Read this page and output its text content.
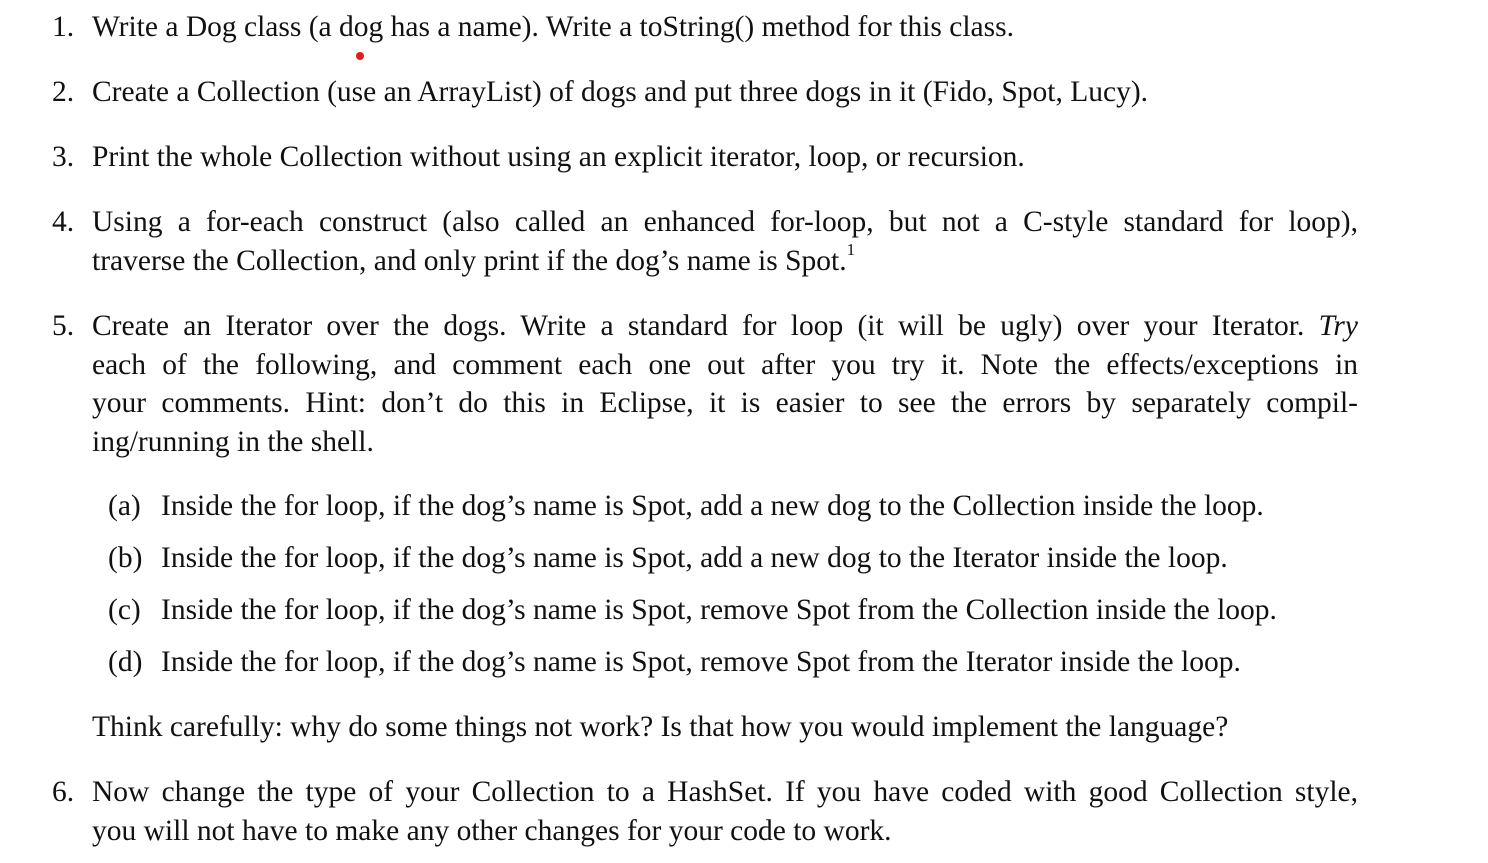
1. Write a Dog class (a dog has a name). Write a toString() method for this class.
2. Create a Collection (use an ArrayList) of dogs and put three dogs in it (Fido, Spot, Lucy).
3. Print the whole Collection without using an explicit iterator, loop, or recursion.
4. Using a for-each construct (also called an enhanced for-loop, but not a C-style standard for loop),
traverse the Collection, and only print if the dog’s name is Spot.$^1$
5. Create an Iterator over the dogs. Write a standard for loop (it will be ugly) over your Iterator. Try
each of the following, and comment each one out after you try it. Note the effects/exceptions in
your comments. Hint: don’t do this in Eclipse, it is easier to see the errors by separately compil-
ing/running in the shell.
(a) Inside the for loop, if the dog’s name is Spot, add a new dog to the Collection inside the loop.
(b) Inside the for loop, if the dog’s name is Spot, add a new dog to the Iterator inside the loop.
(c) Inside the for loop, if the dog’s name is Spot, remove Spot from the Collection inside the loop.
(d) Inside the for loop, if the dog’s name is Spot, remove Spot from the Iterator inside the loop.
Think carefully: why do some things not work? Is that how you would implement the language?
6. Now change the type of your Collection to a HashSet. If you have coded with good Collection style,
you will not have to make any other changes for your code to work.
